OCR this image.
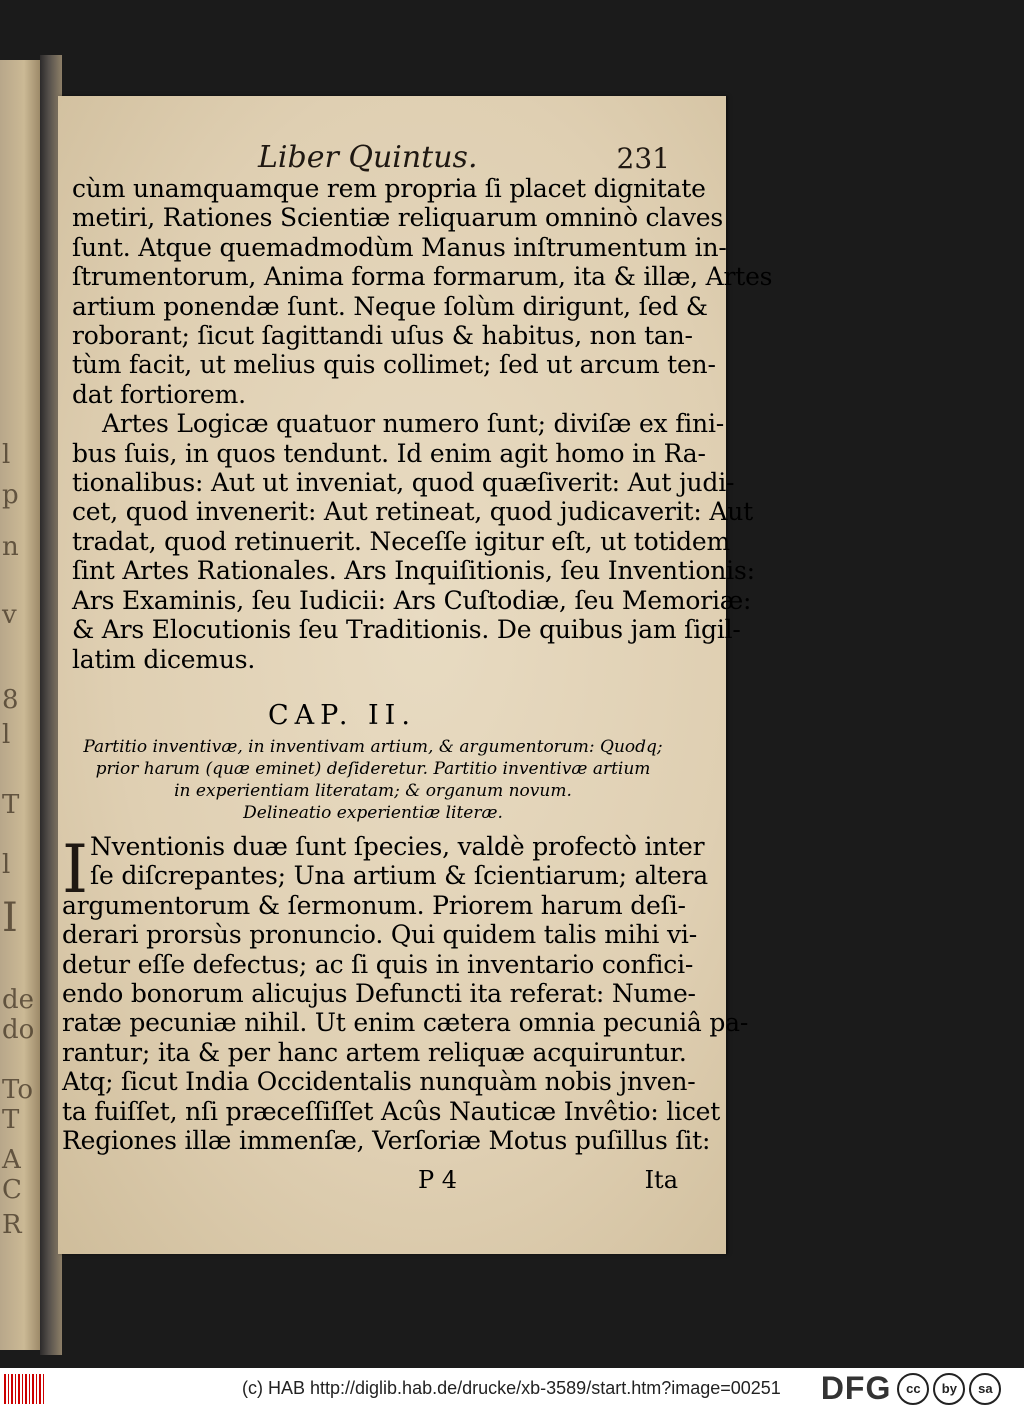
l
p
n
v
8
l
T
l
I
de
do
To
T
A
C
R
Liber Quintus.	231
cùm unamquamque rem propria ſi placet dignitate
metiri, Rationes Scientiæ reliquarum omninò claves
ſunt. Atque quemadmodùm Manus inſtrumentum in-
ſtrumentorum, Anima forma formarum, ita & illæ, Artes
artium ponendæ ſunt. Neque ſolùm dirigunt, ſed &
roborant; ſicut ſagittandi uſus & habitus, non tan-
tùm facit, ut melius quis collimet; ſed ut arcum ten-
dat fortiorem.
Artes Logicæ quatuor numero ſunt; diviſæ ex fini-
bus ſuis, in quos tendunt. Id enim agit homo in Ra-
tionalibus: Aut ut inveniat, quod quæſiverit: Aut judi-
cet, quod invenerit: Aut retineat, quod judicaverit: Aut
tradat, quod retinuerit. Neceſſe igitur eſt, ut totidem
ſint Artes Rationales. Ars Inquiſitionis, ſeu Inventionis:
Ars Examinis, ſeu Iudicii: Ars Cuſtodiæ, ſeu Memoriæ:
& Ars Elocutionis ſeu Traditionis. De quibus jam ſigil-
latim dicemus.
CAP. II.
Partitio inventivæ, in inventivam artium, & argumentorum: Quodq;
prior harum (quæ eminet) deſideretur. Partitio inventivæ artium
in experientiam literatam; & organum novum.
Delineatio experientiæ literæ.
I Nventionis duæ ſunt ſpecies, valdè profectò inter
ſe diſcrepantes; Una artium & ſcientiarum; altera
argumentorum & ſermonum. Priorem harum deſi-
derari prorsùs pronuncio. Qui quidem talis mihi vi-
detur eſſe defectus; ac ſi quis in inventario confici-
endo bonorum alicujus Defuncti ita referat: Nume-
ratæ pecuniæ nihil. Ut enim cætera omnia pecuniâ pa-
rantur; ita & per hanc artem reliquæ acquiruntur.
Atq; ſicut India Occidentalis nunquàm nobis jnven-
ta fuiſſet, nſi præceſſiſſet Acûs Nauticæ Invêtio: licet
Regiones illæ immenſæ, Verſoriæ Motus puſillus ſit:
P 4	Ita
(c) HAB http://diglib.hab.de/drucke/xb-3589/start.htm?image=00251 DFG	cc	by	sa
